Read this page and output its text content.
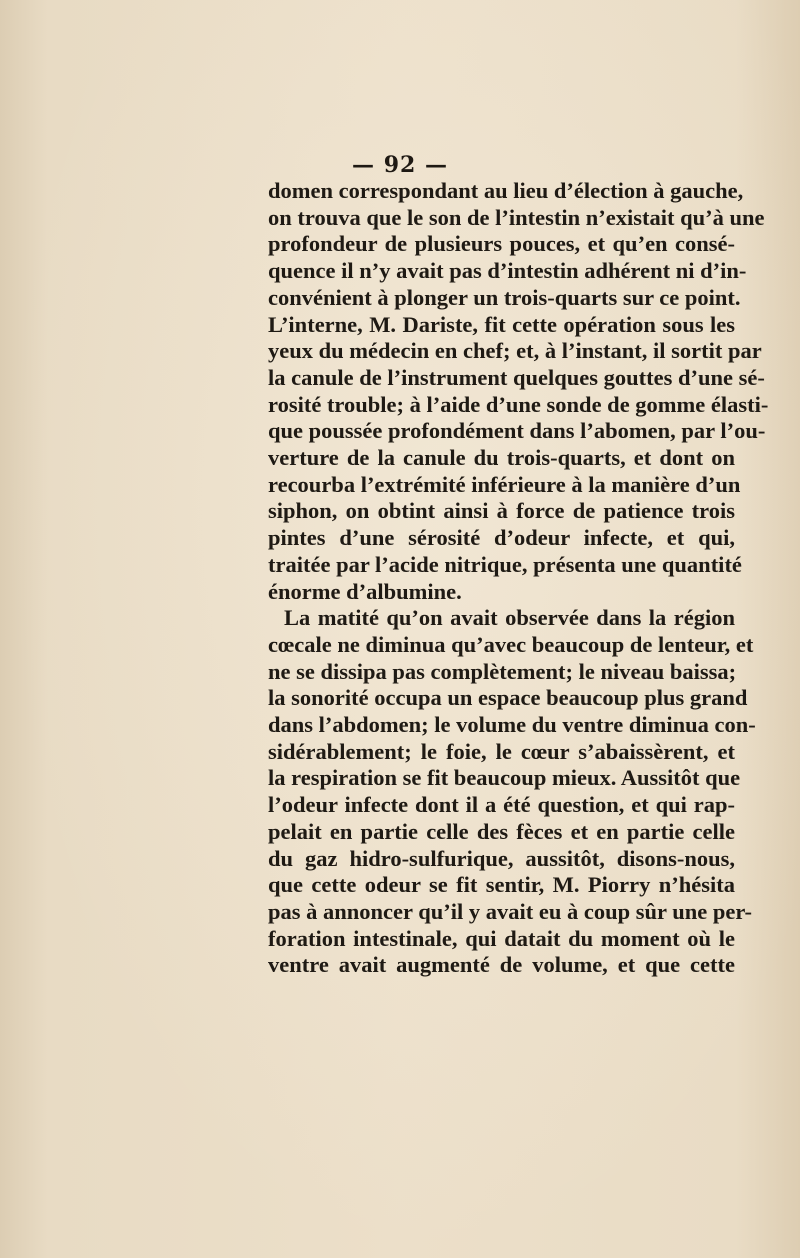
— 92 —
domen correspondant au lieu d’élection à gauche,
on trouva que le son de l’intestin n’existait qu’à une
profondeur de plusieurs pouces, et qu’en consé-
quence il n’y avait pas d’intestin adhérent ni d’in-
convénient à plonger un trois-quarts sur ce point.
L’interne, M. Dariste, fit cette opération sous les
yeux du médecin en chef; et, à l’instant, il sortit par
la canule de l’instrument quelques gouttes d’une sé-
rosité trouble; à l’aide d’une sonde de gomme élasti-
que poussée profondément dans l’abomen, par l’ou-
verture de la canule du trois-quarts, et dont on
recourba l’extrémité inférieure à la manière d’un
siphon, on obtint ainsi à force de patience trois
pintes d’une sérosité d’odeur infecte, et qui,
traitée par l’acide nitrique, présenta une quantité
énorme d’albumine.
La matité qu’on avait observée dans la région
cœcale ne diminua qu’avec beaucoup de lenteur, et
ne se dissipa pas complètement; le niveau baissa;
la sonorité occupa un espace beaucoup plus grand
dans l’abdomen; le volume du ventre diminua con-
sidérablement; le foie, le cœur s’abaissèrent, et
la respiration se fit beaucoup mieux. Aussitôt que
l’odeur infecte dont il a été question, et qui rap-
pelait en partie celle des fèces et en partie celle
du gaz hidro-sulfurique, aussitôt, disons-nous,
que cette odeur se fit sentir, M. Piorry n’hésita
pas à annoncer qu’il y avait eu à coup sûr une per-
foration intestinale, qui datait du moment où le
ventre avait augmenté de volume, et que cette
